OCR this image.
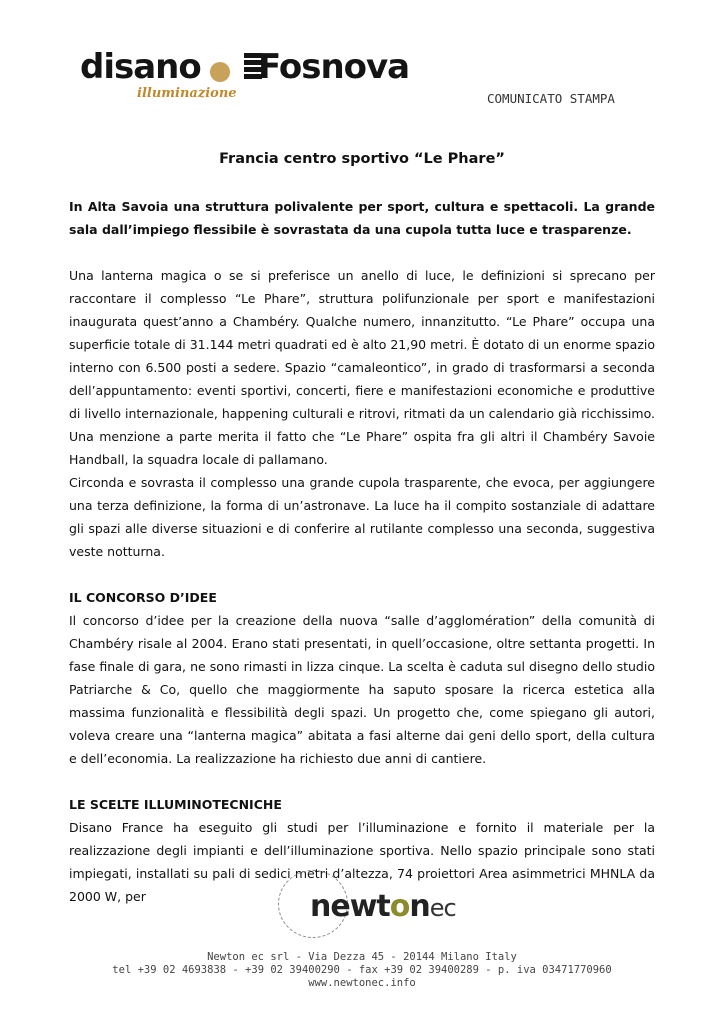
disano Fosnova
illuminazione	COMUNICATO STAMPA
Francia centro sportivo “Le Phare”

In Alta Savoia una struttura polivalente per sport, cultura e spettacoli. La grande sala dall’impiego flessibile è sovrastata da una cupola tutta luce e trasparenze.

Una lanterna magica o se si preferisce un anello di luce, le definizioni si sprecano per raccontare il complesso “Le Phare”, struttura polifunzionale per sport e manifestazioni inaugurata quest’anno a Chambéry. Qualche numero, innanzitutto. “Le Phare” occupa una superficie totale di 31.144 metri quadrati ed è alto 21,90 metri. È dotato di un enorme spazio interno con 6.500 posti a sedere. Spazio “camaleontico”, in grado di trasformarsi a seconda dell’appuntamento: eventi sportivi, concerti, fiere e manifestazioni economiche e produttive di livello internazionale, happening culturali e ritrovi, ritmati da un calendario già ricchissimo. Una menzione a parte merita il fatto che “Le Phare” ospita fra gli altri il Chambéry Savoie Handball, la squadra locale di pallamano.

Circonda e sovrasta il complesso una grande cupola trasparente, che evoca, per aggiungere una terza definizione, la forma di un’astronave. La luce ha il compito sostanziale di adattare gli spazi alle diverse situazioni e di conferire al rutilante complesso una seconda, suggestiva veste notturna.

IL CONCORSO D’IDEE

Il concorso d’idee per la creazione della nuova “salle d’agglomération” della comunità di Chambéry risale al 2004. Erano stati presentati, in quell’occasione, oltre settanta progetti. In fase finale di gara, ne sono rimasti in lizza cinque. La scelta è caduta sul disegno dello studio Patriarche & Co, quello che maggiormente ha saputo sposare la ricerca estetica alla massima funzionalità e flessibilità degli spazi. Un progetto che, come spiegano gli autori, voleva creare una “lanterna magica” abitata a fasi alterne dai geni dello sport, della cultura e dell’economia. La realizzazione ha richiesto due anni di cantiere.

LE SCELTE ILLUMINOTECNICHE

Disano France ha eseguito gli studi per l’illuminazione e fornito il materiale per la realizzazione degli impianti e dell’illuminazione sportiva. Nello spazio principale sono stati impiegati, installati su pali di sedici metri d’altezza, 74 proiettori Area asimmetrici MHNLA da 2000 W, per	newtonec
Newton ec srl - Via Dezza 45 - 20144 Milano Italy
tel +39 02 4693838 - +39 02 39400290 - fax +39 02 39400289 - p. iva 03471770960
www.newtonec.info
